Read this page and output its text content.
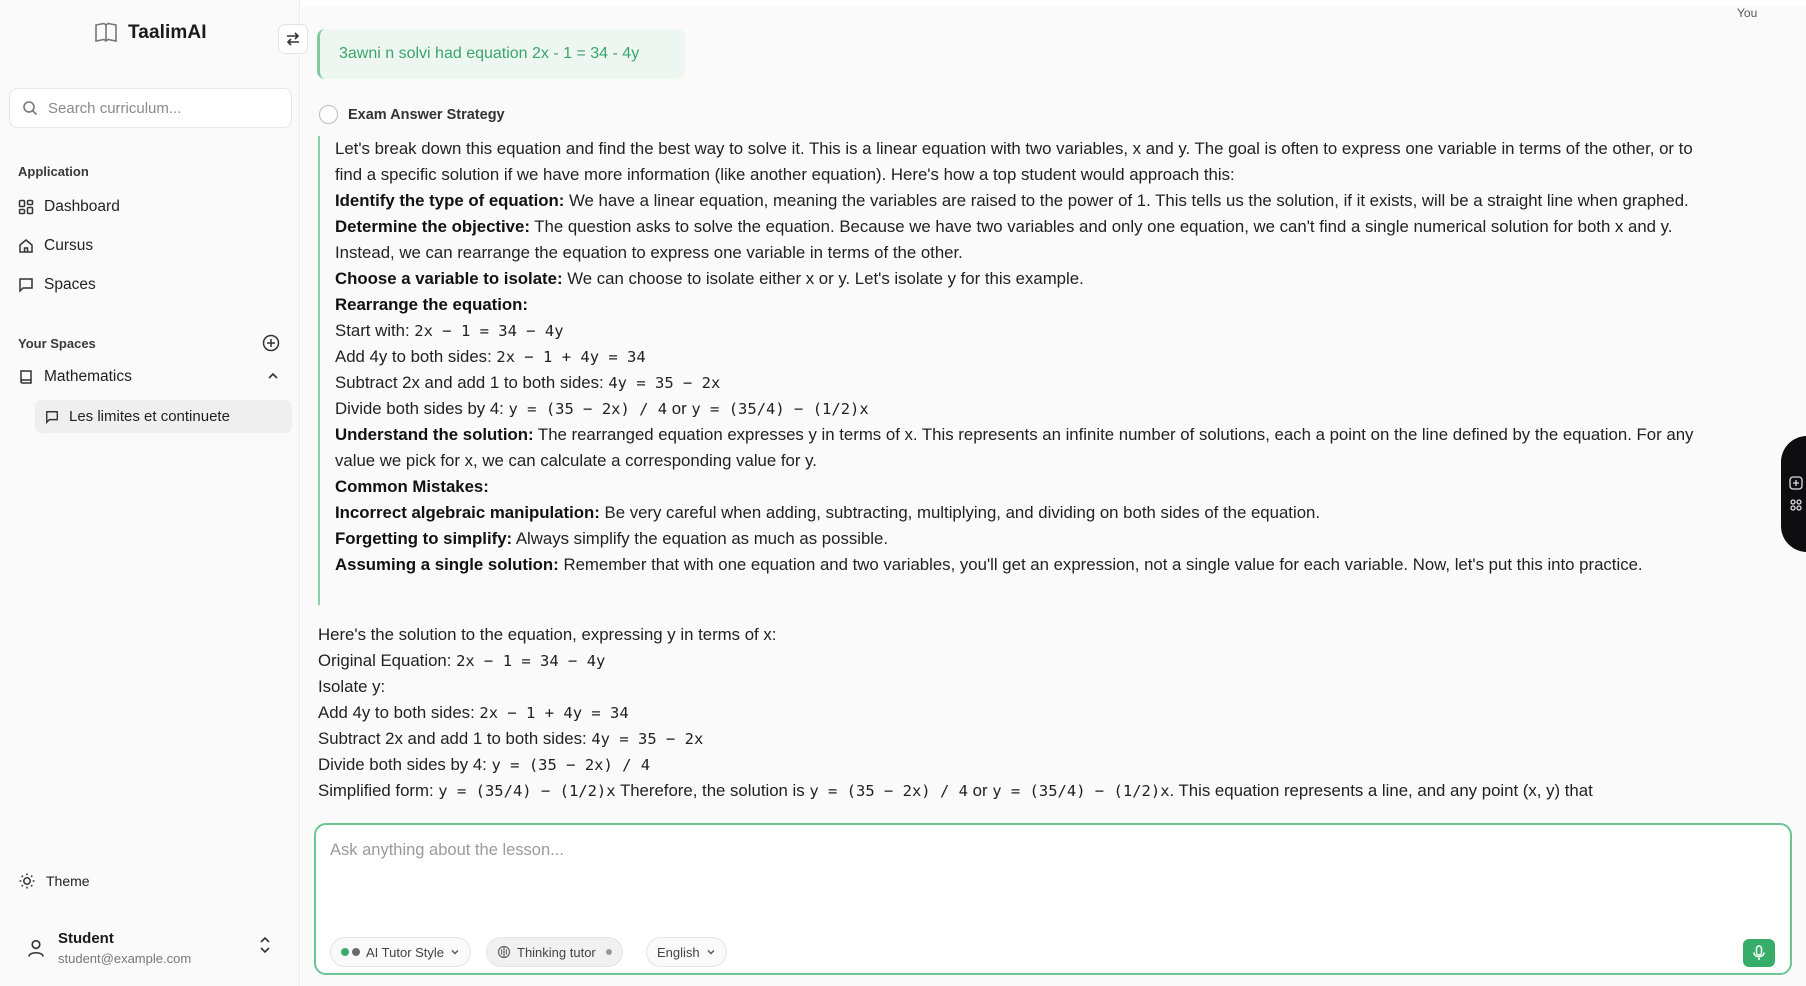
TaalimAI
Search curriculum...
Application
Dashboard
Cursus
Spaces
Your Spaces
Mathematics
Les limites et continuete
Theme
Student
student@example.com
You
3awni n solvi had equation 2x - 1 = 34 - 4y
Exam Answer Strategy

Let's break down this equation and find the best way to solve it. This is a linear equation with two variables, x and y. The goal is often to express one variable in terms of the other, or to find a specific solution if we have more information (like another equation). Here's how a top student would approach this:

Identify the type of equation: We have a linear equation, meaning the variables are raised to the power of 1. This tells us the solution, if it exists, will be a straight line when graphed.

Determine the objective: The question asks to solve the equation. Because we have two variables and only one equation, we can't find a single numerical solution for both x and y. Instead, we can rearrange the equation to express one variable in terms of the other.

Choose a variable to isolate: We can choose to isolate either x or y. Let's isolate y for this example.

Rearrange the equation:

Start with: 2x − 1 = 34 − 4y

Add 4y to both sides: 2x − 1 + 4y = 34

Subtract 2x and add 1 to both sides: 4y = 35 − 2x

Divide both sides by 4: y = (35 − 2x) / 4 or y = (35/4) − (1/2)x

Understand the solution: The rearranged equation expresses y in terms of x. This represents an infinite number of solutions, each a point on the line defined by the equation. For any value we pick for x, we can calculate a corresponding value for y.

Common Mistakes:

Incorrect algebraic manipulation: Be very careful when adding, subtracting, multiplying, and dividing on both sides of the equation.

Forgetting to simplify: Always simplify the equation as much as possible.

Assuming a single solution: Remember that with one equation and two variables, you'll get an expression, not a single value for each variable. Now, let's put this into practice.

Here's the solution to the equation, expressing y in terms of x:

Original Equation: 2x − 1 = 34 − 4y

Isolate y:

Add 4y to both sides: 2x − 1 + 4y = 34

Subtract 2x and add 1 to both sides: 4y = 35 − 2x

Divide both sides by 4: y = (35 − 2x) / 4

Simplified form: y = (35/4) − (1/2)x Therefore, the solution is y = (35 − 2x) / 4 or y = (35/4) − (1/2)x. This equation represents a line, and any point (x, y) that

Ask anything about the lesson...
AI Tutor Style	Thinking tutor	English
